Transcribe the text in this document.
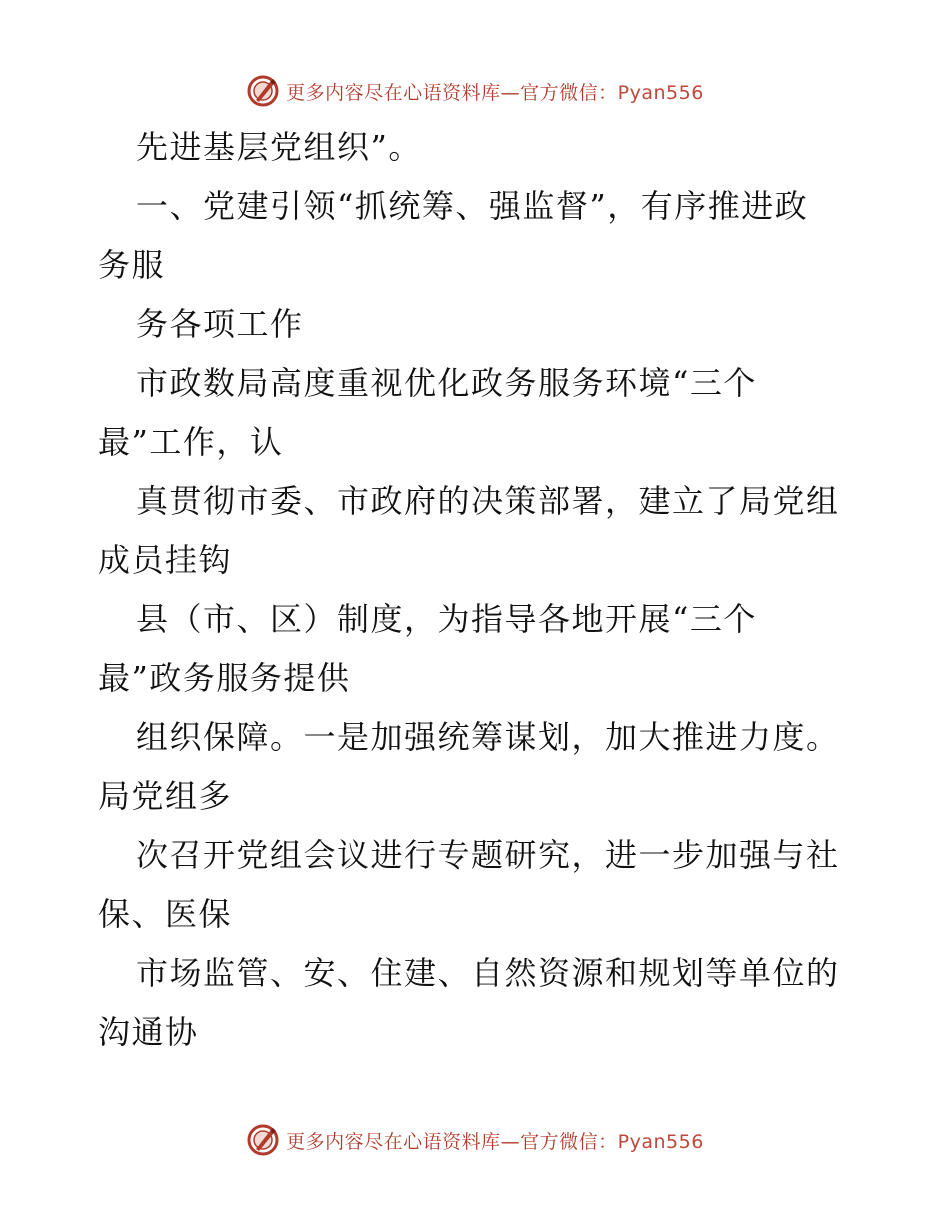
更多内容尽在心语资料库—官方微信：Pyan556
先进基层党组织”。
一、党建引领“抓统筹、强监督”，有序推进政
务服
务各项工作
市政数局高度重视优化政务服务环境“三个
最”工作，认
真贯彻市委、市政府的决策部署，建立了局党组
成员挂钩
县（市、区）制度，为指导各地开展“三个
最”政务服务提供
组织保障。一是加强统筹谋划，加大推进力度。
局党组多
次召开党组会议进行专题研究，进一步加强与社
保、医保
市场监管、安、住建、自然资源和规划等单位的
沟通协
更多内容尽在心语资料库—官方微信：Pyan556
